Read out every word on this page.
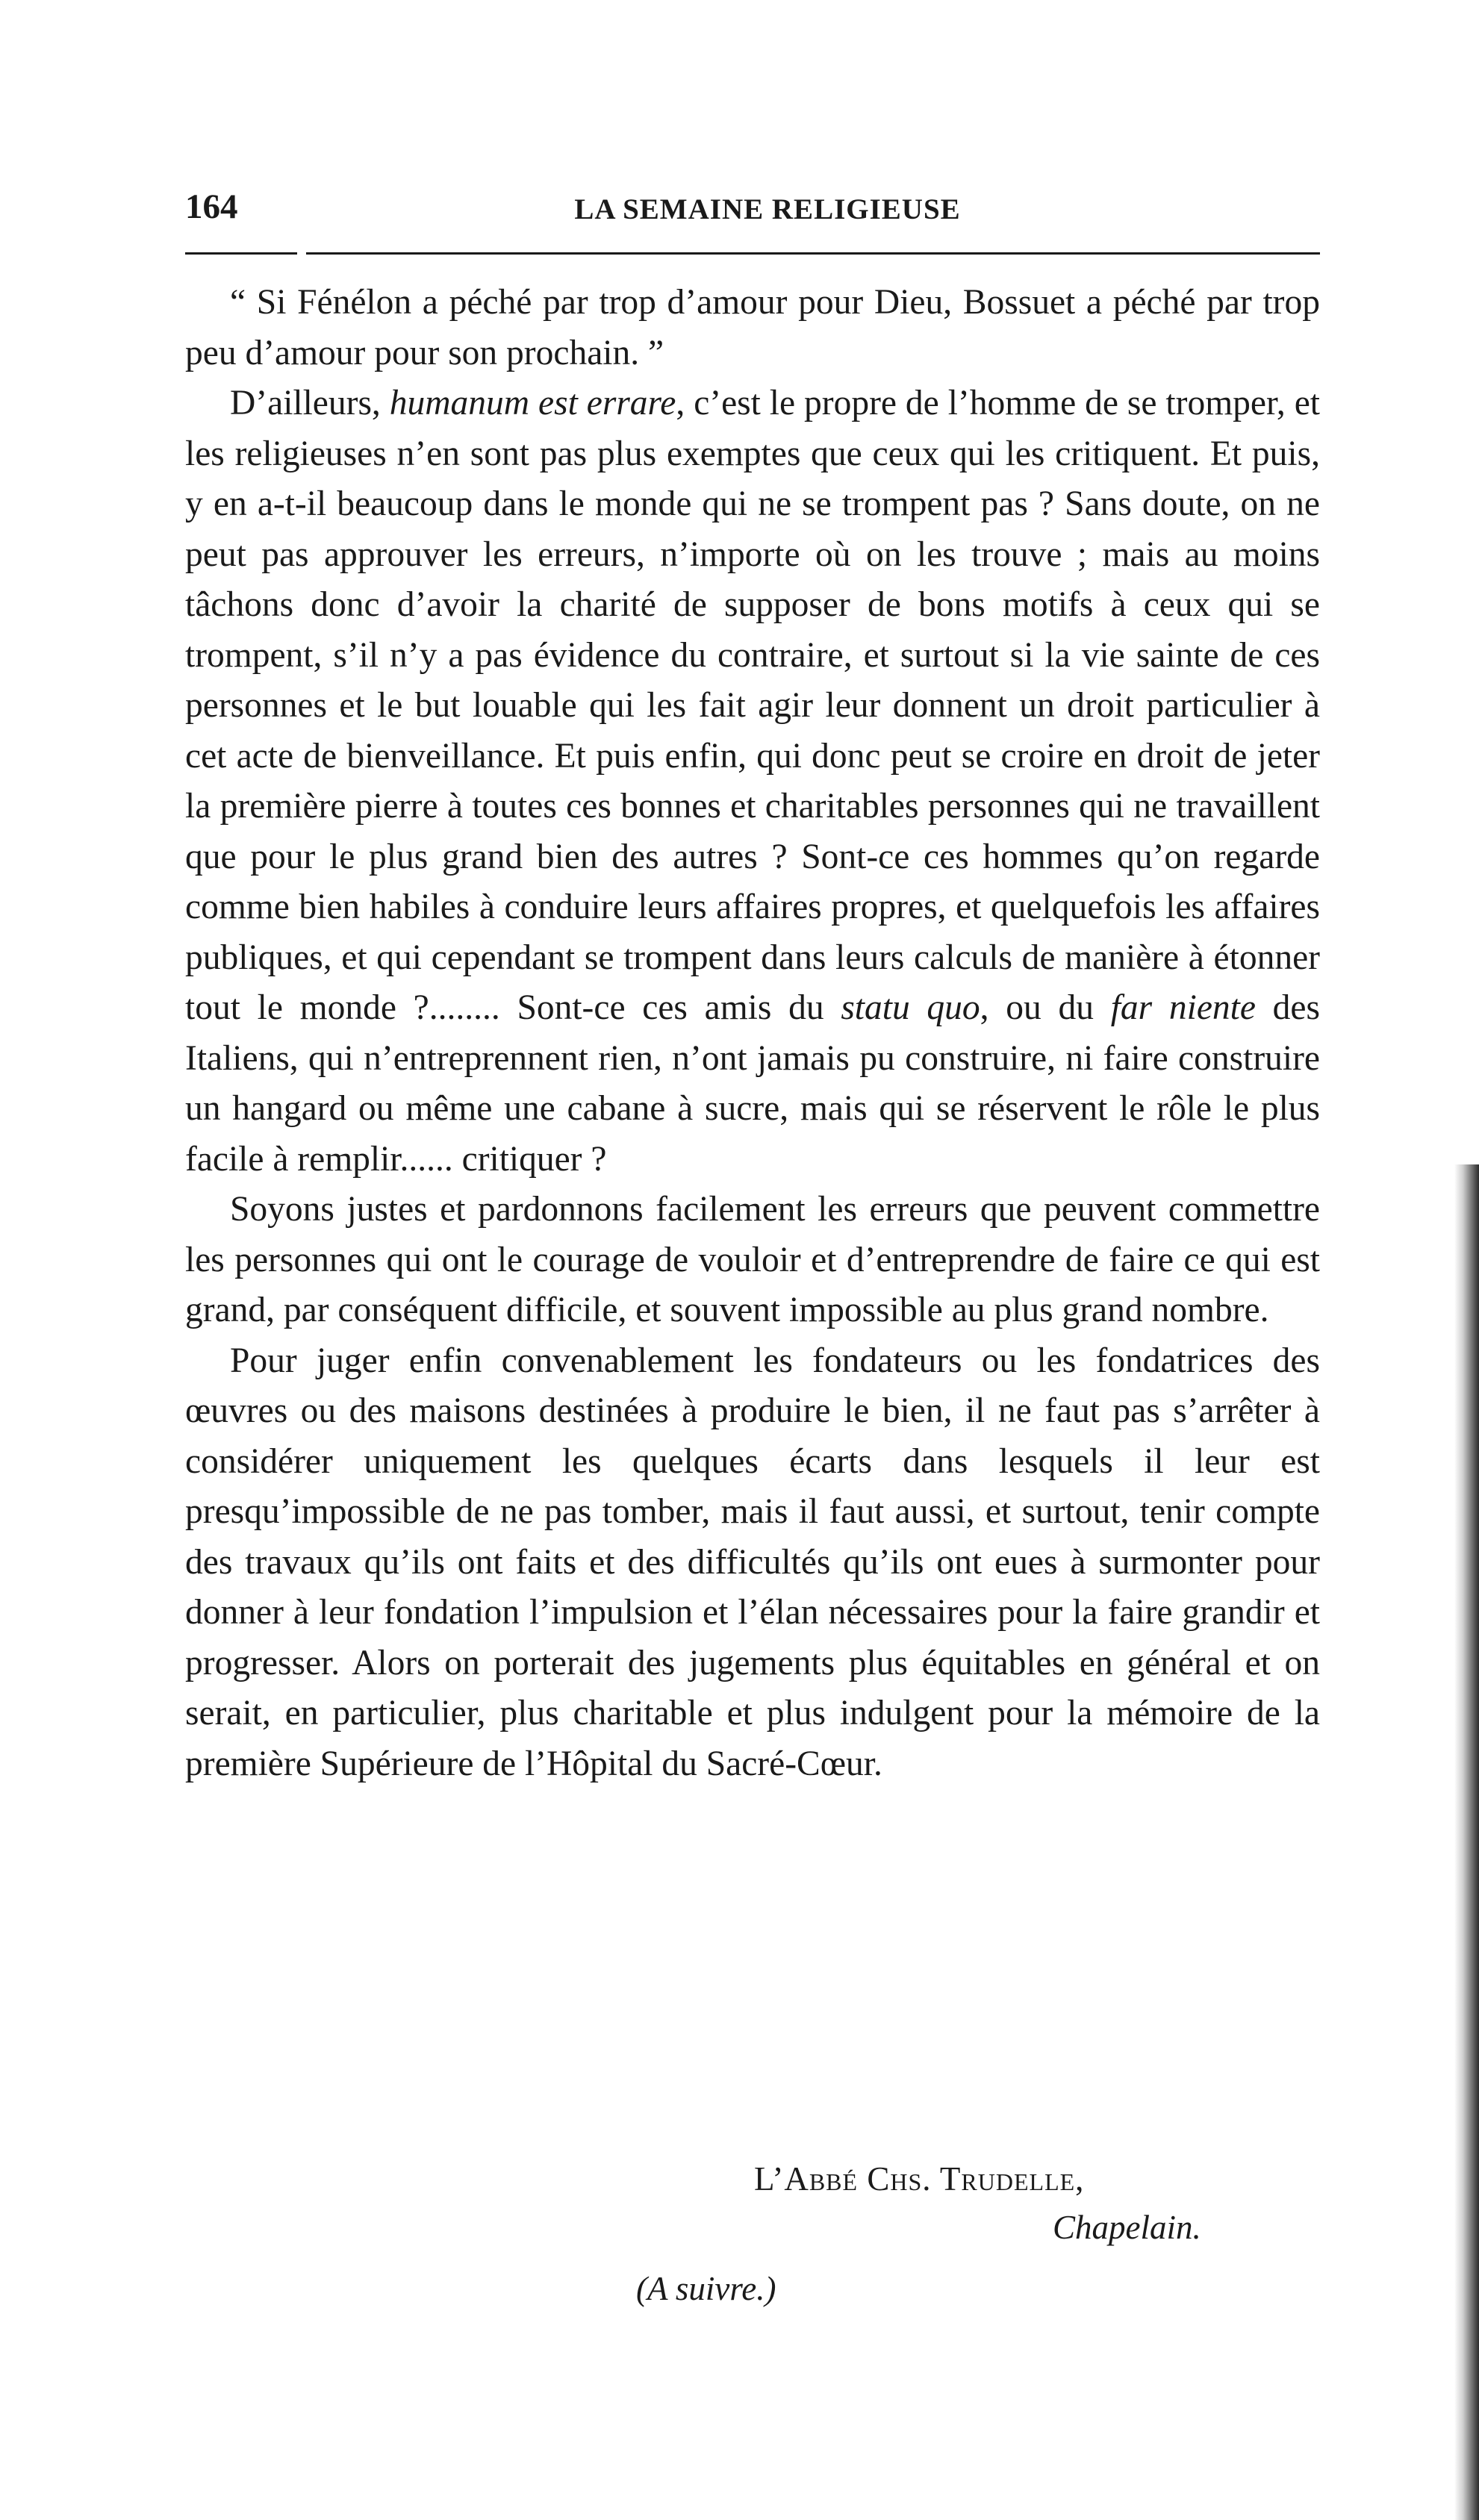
164	LA SEMAINE RELIGIEUSE

“ Si Fénélon a péché par trop d’amour pour Dieu, Bossuet a péché par trop peu d’amour pour son prochain. ”

D’ailleurs, humanum est errare, c’est le propre de l’homme de se tromper, et les religieuses n’en sont pas plus exemptes que ceux qui les critiquent. Et puis, y en a-t-il beaucoup dans le monde qui ne se trompent pas ? Sans doute, on ne peut pas approuver les erreurs, n’importe où on les trouve ; mais au moins tâchons donc d’avoir la charité de supposer de bons motifs à ceux qui se trompent, s’il n’y a pas évidence du contraire, et surtout si la vie sainte de ces personnes et le but louable qui les fait agir leur donnent un droit particulier à cet acte de bienveillance. Et puis enfin, qui donc peut se croire en droit de jeter la première pierre à toutes ces bonnes et charitables personnes qui ne travaillent que pour le plus grand bien des autres ? Sont-ce ces hommes qu’on regarde comme bien habiles à conduire leurs affaires propres, et quelquefois les affaires publiques, et qui cependant se trompent dans leurs calculs de manière à étonner tout le monde ?........ Sont-ce ces amis du statu quo, ou du far niente des Italiens, qui n’entreprennent rien, n’ont jamais pu construire, ni faire construire un hangard ou même une cabane à sucre, mais qui se réservent le rôle le plus facile à remplir...... critiquer ?

Soyons justes et pardonnons facilement les erreurs que peuvent commettre les personnes qui ont le courage de vouloir et d’entreprendre de faire ce qui est grand, par conséquent difficile, et souvent impossible au plus grand nombre.

Pour juger enfin convenablement les fondateurs ou les fondatrices des œuvres ou des maisons destinées à produire le bien, il ne faut pas s’arrêter à considérer uniquement les quelques écarts dans lesquels il leur est presqu’impossible de ne pas tomber, mais il faut aussi, et surtout, tenir compte des travaux qu’ils ont faits et des difficultés qu’ils ont eues à surmonter pour donner à leur fondation l’impulsion et l’élan nécessaires pour la faire grandir et progresser. Alors on porterait des jugements plus équitables en général et on serait, en particulier, plus charitable et plus indulgent pour la mémoire de la première Supérieure de l’Hôpital du Sacré-Cœur.

L’Abbé Chs. Trudelle,
Chapelain.
(A suivre.)
